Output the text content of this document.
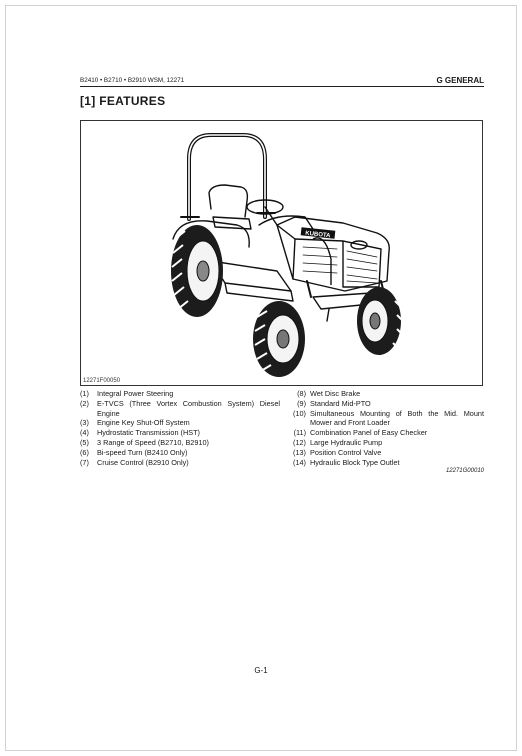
B2410 • B2710 • B2910 WSM, 12271	G GENERAL
[1] FEATURES
KUBOTA
12271F00050
(1)	Integral Power Steering
(2)	E-TVCS (Three Vortex Combustion System) Diesel Engine
(3)	Engine Key Shut-Off System
(4)	Hydrostatic Transmission (HST)
(5)	3 Range of Speed (B2710, B2910)
(6)	Bi-speed Turn (B2410 Only)
(7)	Cruise Control (B2910 Only)
(8) Wet Disc Brake
(9) Standard Mid-PTO
(10) Simultaneous Mounting of Both the Mid. Mount Mower and Front Loader
(11) Combination Panel of Easy Checker
(12) Large Hydraulic Pump
(13) Position Control Valve
(14) Hydraulic Block Type Outlet
12271G00010
G-1
